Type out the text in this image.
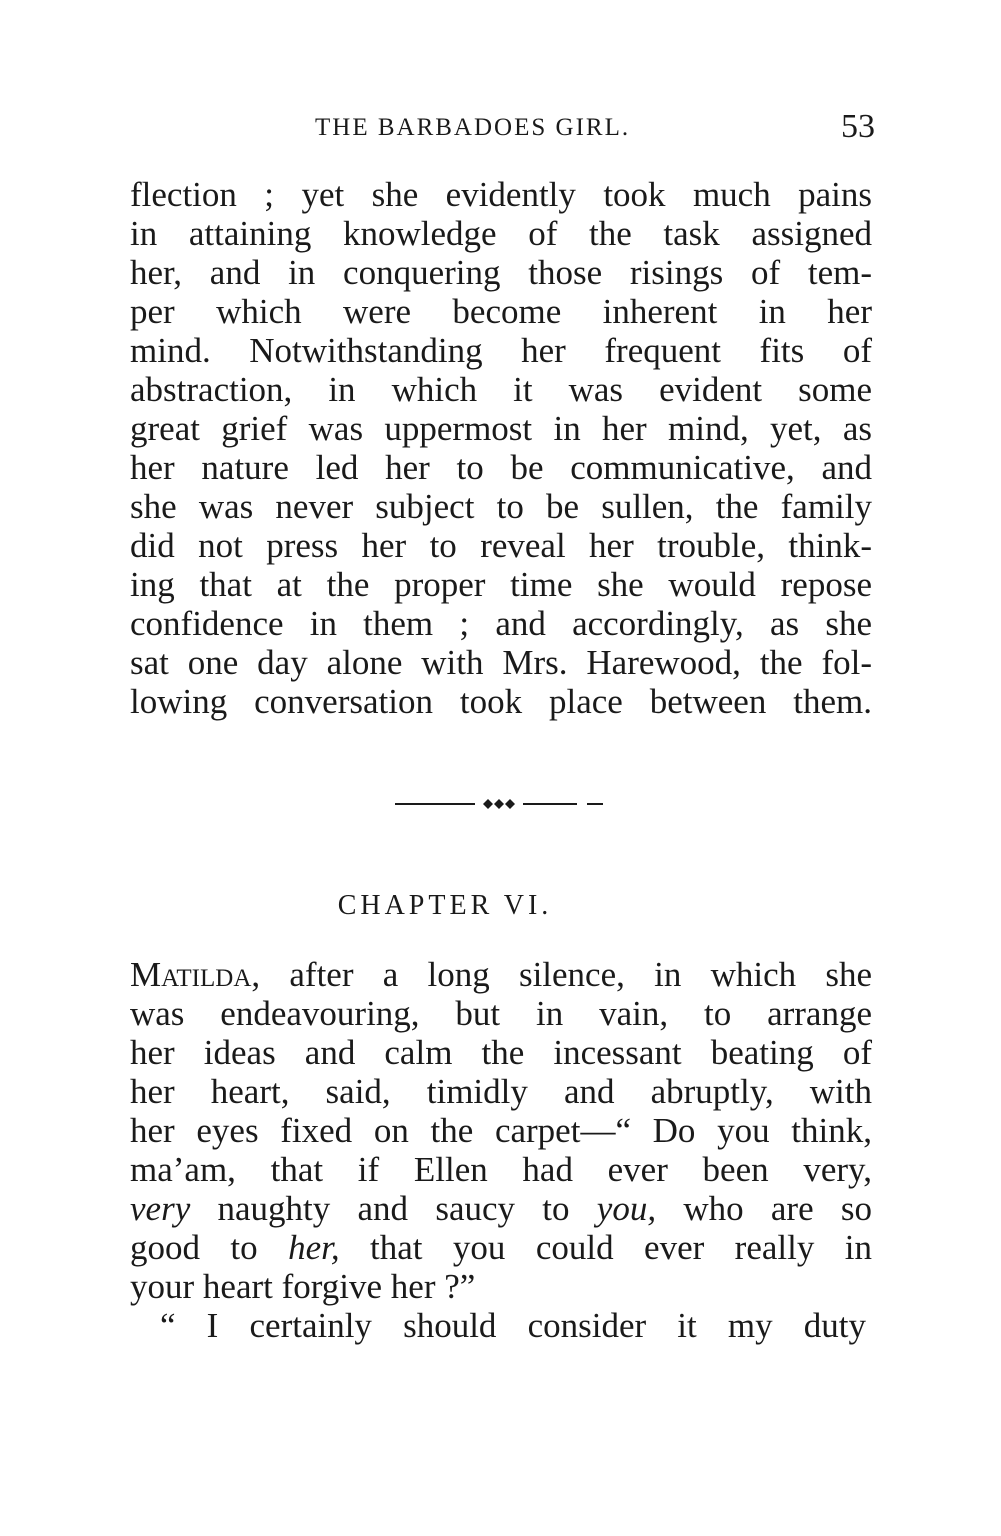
THE BARBADOES GIRL.	53
flection ; yet she evidently took much pains
in attaining knowledge of the task assigned
her, and in conquering those risings of tem-
per which were become inherent in her
mind. Notwithstanding her frequent fits of
abstraction, in which it was evident some
great grief was uppermost in her mind, yet, as
her nature led her to be communicative, and
she was never subject to be sullen, the family
did not press her to reveal her trouble, think-
ing that at the proper time she would repose
confidence in them ; and accordingly, as she
sat one day alone with Mrs. Harewood, the fol-
lowing conversation took place between them.
CHAPTER VI.
Matilda, after a long silence, in which she
was endeavouring, but in vain, to arrange
her ideas and calm the incessant beating of
her heart, said, timidly and abruptly, with
her eyes fixed on the carpet—“ Do you think,
ma’am, that if Ellen had ever been very,
very naughty and saucy to you, who are so
good to her, that you could ever really in
your heart forgive her ?”
“ I certainly should consider it my duty
